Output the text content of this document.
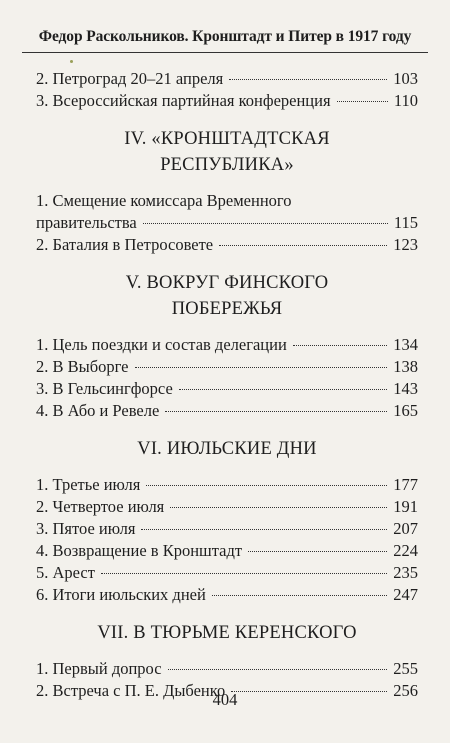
Федор Раскольников. Кронштадт и Питер в 1917 году
2. Петроград 20–21 апреля	103
3. Всероссийская партийная конференция	110
IV. «КРОНШТАДТСКАЯ
РЕСПУБЛИКА»
1. Смещение комиссара Временного
правительства	115
2. Баталия в Петросовете	123
V. ВОКРУГ ФИНСКОГО
ПОБЕРЕЖЬЯ
1. Цель поездки и состав делегации	134
2. В Выборге	138
3. В Гельсингфорсе	143
4. В Або и Ревеле	165
VI. ИЮЛЬСКИЕ ДНИ
1. Третье июля	177
2. Четвертое июля	191
3. Пятое июля	207
4. Возвращение в Кронштадт	224
5. Арест	235
6. Итоги июльских дней	247
VII. В ТЮРЬМЕ КЕРЕНСКОГО
1. Первый допрос	255
2. Встреча с П. Е. Дыбенко	256
404
